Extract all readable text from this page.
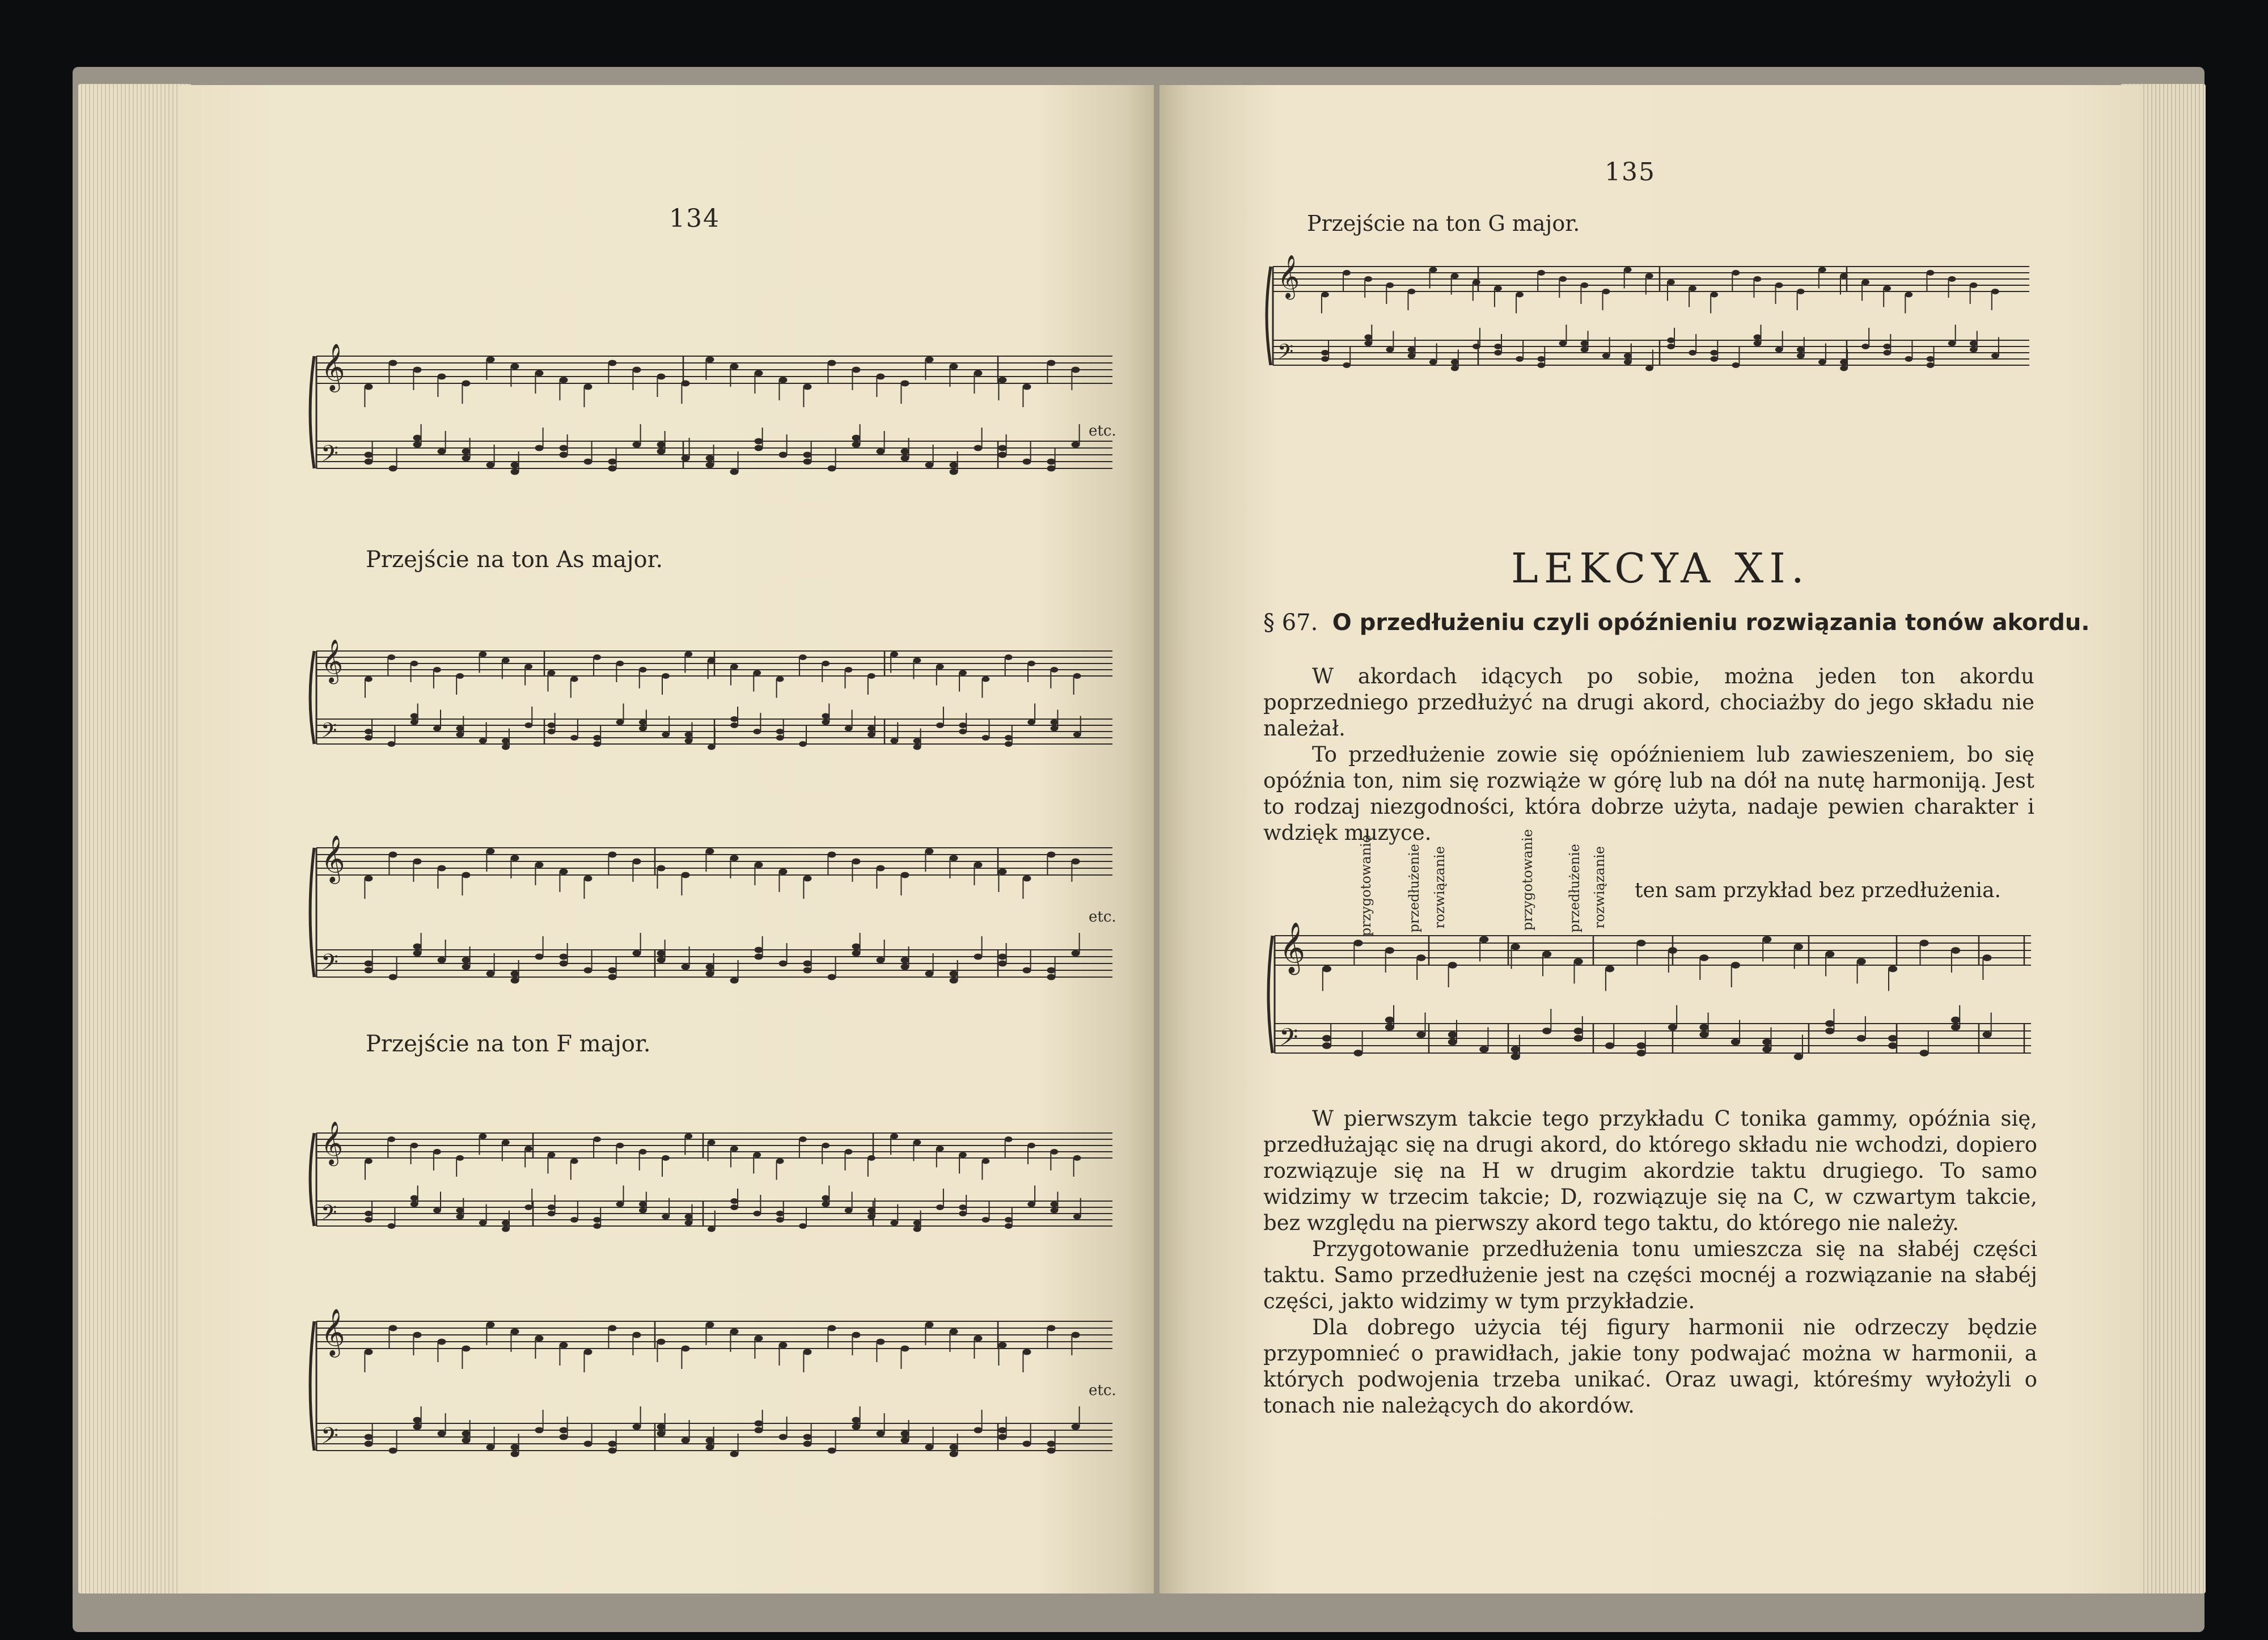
134
𝄞
𝄢
etc.
Przejście na ton As major.
𝄞
𝄢
𝄞
𝄢
etc.
Przejście na ton F major.
𝄞
𝄢
𝄞
𝄢
etc.
135
Przejście na ton G major.
𝄞
𝄢
LEKCYA XI.
§ 67. O przedłużeniu czyli opóźnieniu rozwiązania tonów akordu.

W akordach idących po sobie, można jeden ton akordu poprzedniego przedłużyć na drugi akord, chociażby do jego składu nie należał.

To przedłużenie zowie się opóźnieniem lub zawieszeniem, bo się opóźnia ton, nim się rozwiąże w górę lub na dół na nutę harmoniją. Jest to rodzaj niezgodności, która dobrze użyta, nadaje pewien charakter i wdzięk muzyce.

przygotowanie przedłużenie rozwiązanie	przygotowanie przedłużenie rozwiązanie ten sam przykład bez przedłużenia.
𝄞
𝄢

W pierwszym takcie tego przykładu C tonika gammy, opóźnia się, przedłużając się na drugi akord, do którego składu nie wchodzi, dopiero rozwiązuje się na H w drugim akordzie taktu drugiego. To samo widzimy w trzecim takcie; D, rozwiązuje się na C, w czwartym takcie, bez względu na pierwszy akord tego taktu, do którego nie należy.

Przygotowanie przedłużenia tonu umieszcza się na słabéj części taktu. Samo przedłużenie jest na części mocnéj a rozwiązanie na słabéj części, jakto widzimy w tym przykładzie.

Dla dobrego użycia téj figury harmonii nie odrzeczy będzie przypomnieć o prawidłach, jakie tony podwajać można w harmonii, a których podwojenia trzeba unikać. Oraz uwagi, któreśmy wyłożyli o tonach nie należących do akordów.
